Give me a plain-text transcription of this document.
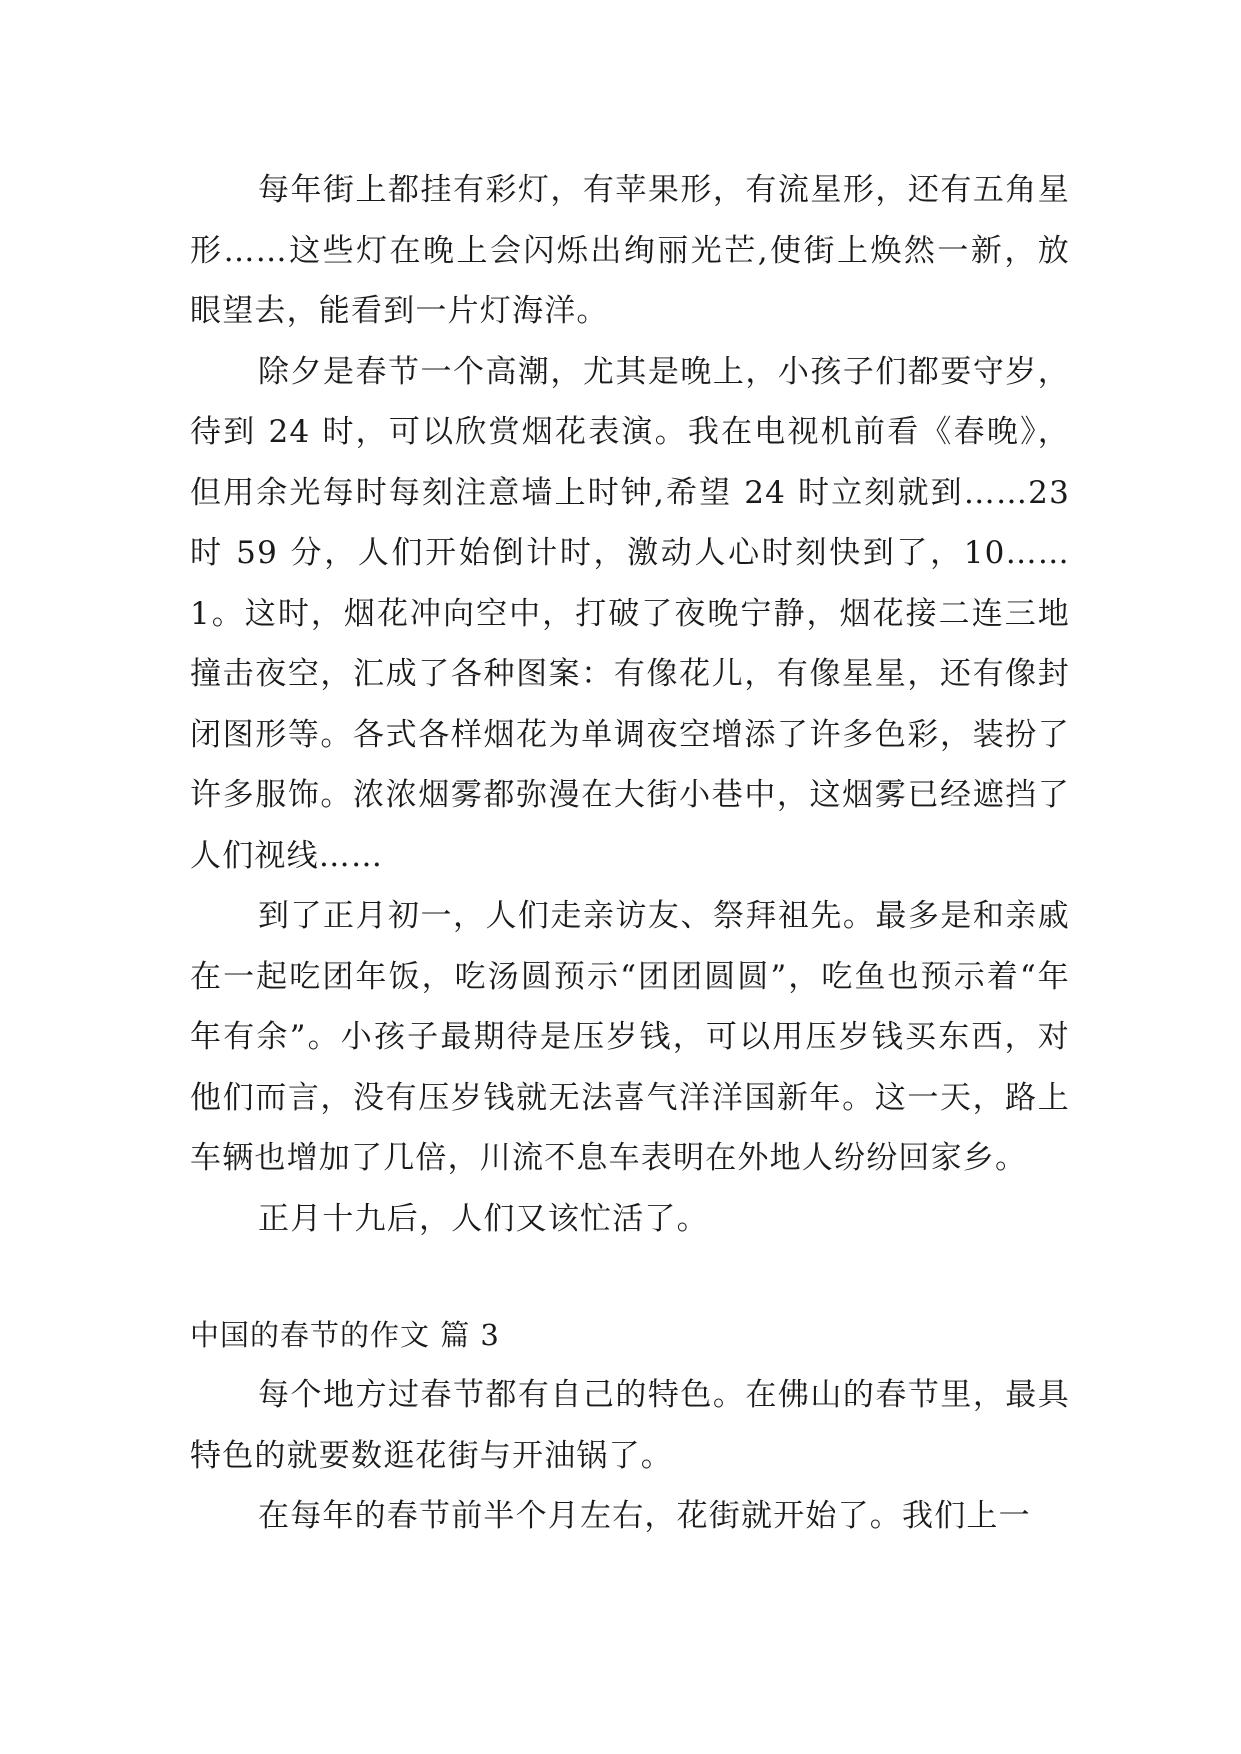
每年街上都挂有彩灯，有苹果形，有流星形，还有五角星形……这些灯在晚上会闪烁出绚丽光芒,使街上焕然一新，放眼望去，能看到一片灯海洋。

除夕是春节一个高潮，尤其是晚上，小孩子们都要守岁，待到 24 时，可以欣赏烟花表演。我在电视机前看《春晚》，但用余光每时每刻注意墙上时钟,希望 24 时立刻就到……23 时 59 分，人们开始倒计时，激动人心时刻快到了，10……1。这时，烟花冲向空中，打破了夜晚宁静，烟花接二连三地撞击夜空，汇成了各种图案：有像花儿，有像星星，还有像封闭图形等。各式各样烟花为单调夜空增添了许多色彩，装扮了许多服饰。浓浓烟雾都弥漫在大街小巷中，这烟雾已经遮挡了人们视线……

到了正月初一，人们走亲访友、祭拜祖先。最多是和亲戚在一起吃团年饭，吃汤圆预示“团团圆圆”，吃鱼也预示着“年年有余”。小孩子最期待是压岁钱，可以用压岁钱买东西，对他们而言，没有压岁钱就无法喜气洋洋国新年。这一天，路上车辆也增加了几倍，川流不息车表明在外地人纷纷回家乡。

正月十九后，人们又该忙活了。

中国的春节的作文 篇 3

每个地方过春节都有自己的特色。在佛山的春节里，最具特色的就要数逛花街与开油锅了。

在每年的春节前半个月左右，花街就开始了。我们上一
